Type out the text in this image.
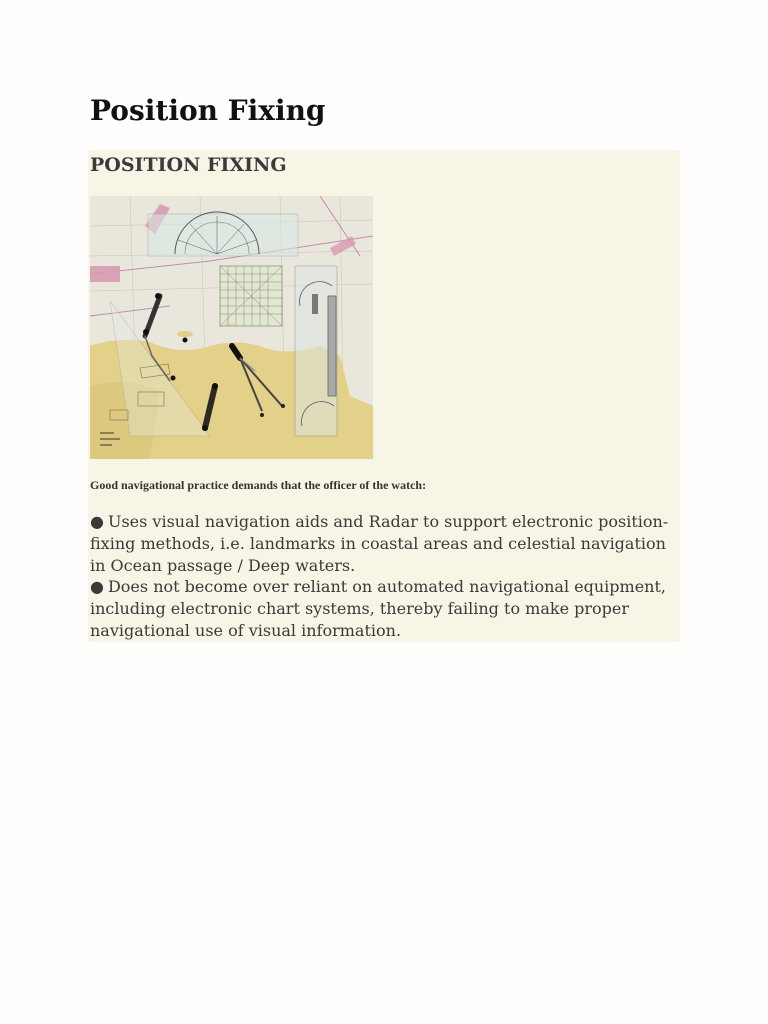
Position Fixing
POSITION FIXING
Good navigational practice demands that the officer of the watch:
● Uses visual navigation aids and Radar to support electronic position-fixing methods, i.e. landmarks in coastal areas and celestial navigation in Ocean passage / Deep waters.
● Does not become over reliant on automated navigational equipment, including electronic chart systems, thereby failing to make proper navigational use of visual information.
